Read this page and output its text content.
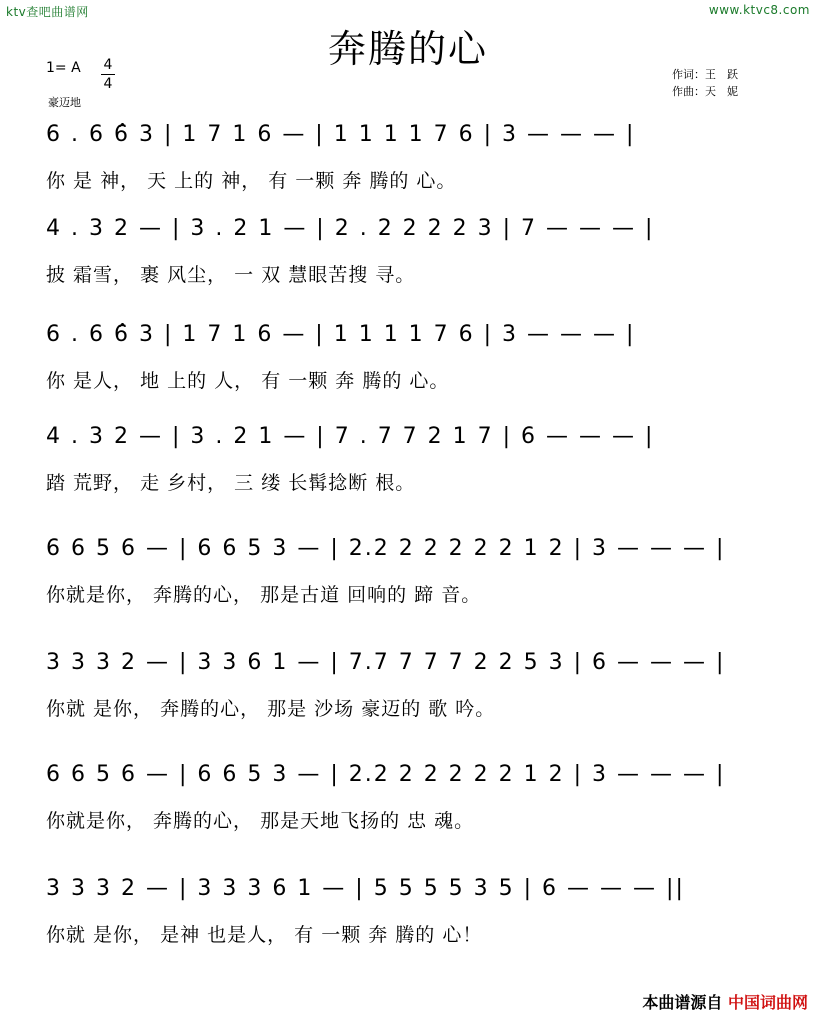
ktv查吧曲谱网	www.ktvc8.com
奔腾的心
1= A 4
4
豪迈地
作词：王　跃
作曲：天　妮
6 . 6 6̂ 3 | 1 7 1 6 — | 1 1 1 1 7 6 | 3 — — — |
你 是 神， 天 上的 神， 有 一颗 奔 腾的 心。
4 . 3 2 — | 3 . 2 1 — | 2 . 2 2 2 2 3 | 7 — — — |
披 霜雪， 裹 风尘， 一 双 慧眼苦搜 寻。
6 . 6 6̂ 3 | 1 7 1 6 — | 1 1 1 1 7 6 | 3 — — — |
你 是人， 地 上的 人， 有 一颗 奔 腾的 心。
4 . 3 2 — | 3 . 2 1 — | 7 . 7 7 2 1 7 | 6 — — — |
踏 荒野， 走 乡村， 三 缕 长髯捻断 根。
6 6 5 6 — | 6 6 5 3 — | 2.2 2 2 2 2 2 1 2 | 3 — — — |
你就是你， 奔腾的心， 那是古道 回响的 蹄 音。
3 3 3 2 — | 3 3 6 1 — | 7.7 7 7 7 2 2 5 3 | 6 — — — |
你就 是你， 奔腾的心， 那是 沙场 豪迈的 歌 吟。
6 6 5 6 — | 6 6 5 3 — | 2.2 2 2 2 2 2 1 2 | 3 — — — |
你就是你， 奔腾的心， 那是天地飞扬的 忠 魂。
3 3 3 2 — | 3 3 3 6 1 — | 5 5 5 5 3 5 | 6 — — — ||
你就 是你， 是神 也是人， 有 一颗 奔 腾的 心！
本曲谱源自 中国词曲网
